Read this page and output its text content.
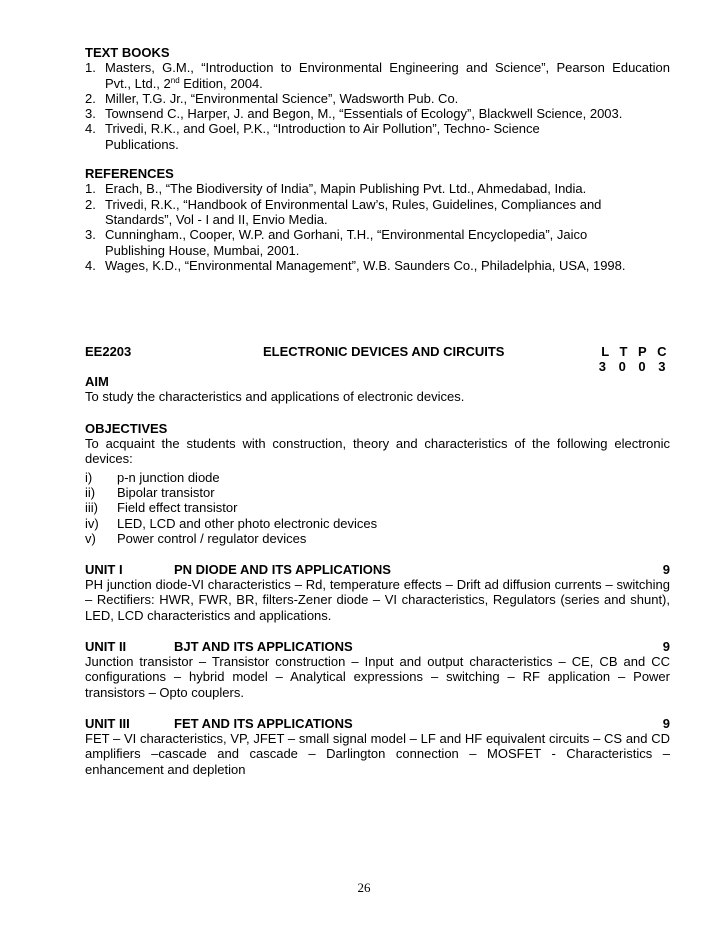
TEXT BOOKS
1. Masters, G.M., “Introduction to Environmental Engineering and Science”, Pearson Education
Pvt., Ltd., 2nd Edition, 2004.
2. Miller, T.G. Jr., “Environmental Science”, Wadsworth Pub. Co.
3. Townsend C., Harper, J. and Begon, M., “Essentials of Ecology”, Blackwell Science, 2003.
4. Trivedi, R.K., and Goel, P.K., “Introduction to Air Pollution”, Techno- Science Publications.
REFERENCES
1. Erach, B., “The Biodiversity of India”, Mapin Publishing Pvt. Ltd., Ahmedabad, India.
2. Trivedi, R.K., “Handbook of Environmental Law’s, Rules, Guidelines, Compliances and Standards”, Vol - I and II, Envio Media.
3. Cunningham., Cooper, W.P. and Gorhani, T.H., “Environmental Encyclopedia”, Jaico Publishing House, Mumbai, 2001.
4. Wages, K.D., “Environmental Management”, W.B. Saunders Co., Philadelphia, USA, 1998.
EE2203	ELECTRONIC DEVICES AND CIRCUITS	L T P C
3 0 0 3
AIM
To study the characteristics and applications of electronic devices.
OBJECTIVES
To acquaint the students with construction, theory and characteristics of the following electronic devices:
i) p-n junction diode
ii) Bipolar transistor
iii) Field effect transistor
iv) LED, LCD and other photo electronic devices
v) Power control / regulator devices
UNIT I	PN DIODE AND ITS APPLICATIONS	9
PH junction diode-VI characteristics – Rd, temperature effects – Drift ad diffusion currents – switching – Rectifiers: HWR, FWR, BR, filters-Zener diode – VI characteristics, Regulators (series and shunt), LED, LCD characteristics and applications.
UNIT II	BJT AND ITS APPLICATIONS	9
Junction transistor – Transistor construction – Input and output characteristics – CE, CB and CC configurations – hybrid model – Analytical expressions – switching – RF application – Power transistors – Opto couplers.
UNIT III	FET AND ITS APPLICATIONS	9
FET – VI characteristics, VP, JFET – small signal model – LF and HF equivalent circuits – CS and CD amplifiers –cascade and cascade – Darlington connection – MOSFET - Characteristics – enhancement and depletion
26
